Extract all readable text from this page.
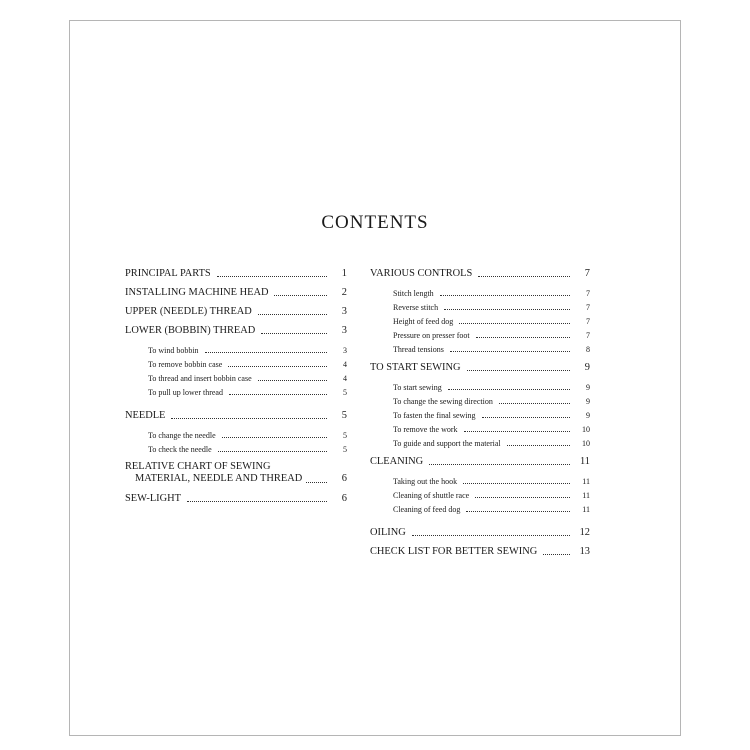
CONTENTS
PRINCIPAL PARTS	1
INSTALLING MACHINE HEAD	2
UPPER (NEEDLE) THREAD	3
LOWER (BOBBIN) THREAD	3
To wind bobbin	3
To remove bobbin case	4
To thread and insert bobbin case	4
To pull up lower thread	5
NEEDLE	5
To change the needle	5
To check the needle	5
RELATIVE CHART OF SEWING
MATERIAL, NEEDLE AND THREAD	6
SEW-LIGHT	6
VARIOUS CONTROLS	7
Stitch length	7
Reverse stitch	7
Height of feed dog	7
Pressure on presser foot	7
Thread tensions	8
TO START SEWING	9
To start sewing	9
To change the sewing direction	9
To fasten the final sewing	9
To remove the work	10
To guide and support the material	10
CLEANING	11
Taking out the hook	11
Cleaning of shuttle race	11
Cleaning of feed dog	11
OILING	12
CHECK LIST FOR BETTER SEWING	13
